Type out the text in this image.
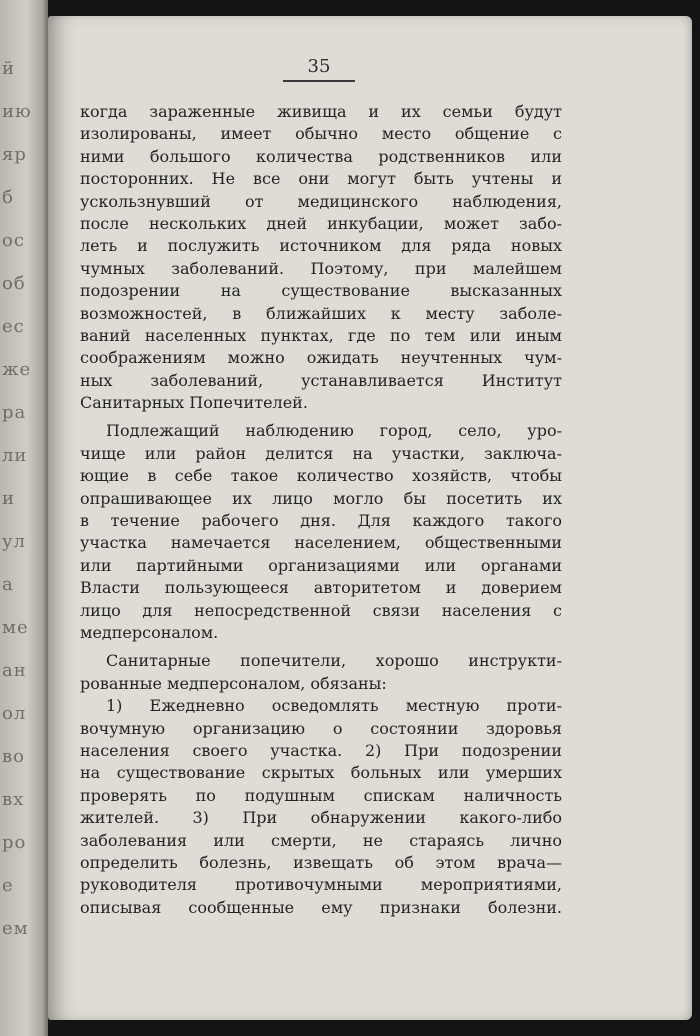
й
ию
яр
б
ос
об
ес
же
ра
ли
и
ул
а
ме
ан
ол
во
вх
ро
е
ем
35
когда зараженные живища и их семьи будут
изолированы, имеет обычно место общение с
ними большого количества родственников или
посторонних. Не все они могут быть учтены и
ускользнувший от медицинского наблюдения,
после нескольких дней инкубации, может забо-
леть и послужить источником для ряда новых
чумных заболеваний. Поэтому, при малейшем
подозрении на существование высказанных
возможностей, в ближайших к месту заболе-
ваний населенных пунктах, где по тем или иным
соображениям можно ожидать неучтенных чум-
ных заболеваний, устанавливается Институт
Санитарных Попечителей.
Подлежащий наблюдению город, село, уро-
чище или район делится на участки, заключа-
ющие в себе такое количество хозяйств, чтобы
опрашивающее их лицо могло бы посетить их
в течение рабочего дня. Для каждого такого
участка намечается населением, общественными
или партийными организациями или органами
Власти пользующееся авторитетом и доверием
лицо для непосредственной связи населения с
медперсоналом.
Санитарные попечители, хорошо инструкти-
рованные медперсоналом, обязаны:
1) Ежедневно осведомлять местную проти-
вочумную организацию о состоянии здоровья
населения своего участка. 2) При подозрении
на существование скрытых больных или умерших
проверять по подушным спискам наличность
жителей. 3) При обнаружении какого-либо
заболевания или смерти, не стараясь лично
определить болезнь, извещать об этом врача—
руководителя противочумными мероприятиями,
описывая сообщенные ему признаки болезни.
